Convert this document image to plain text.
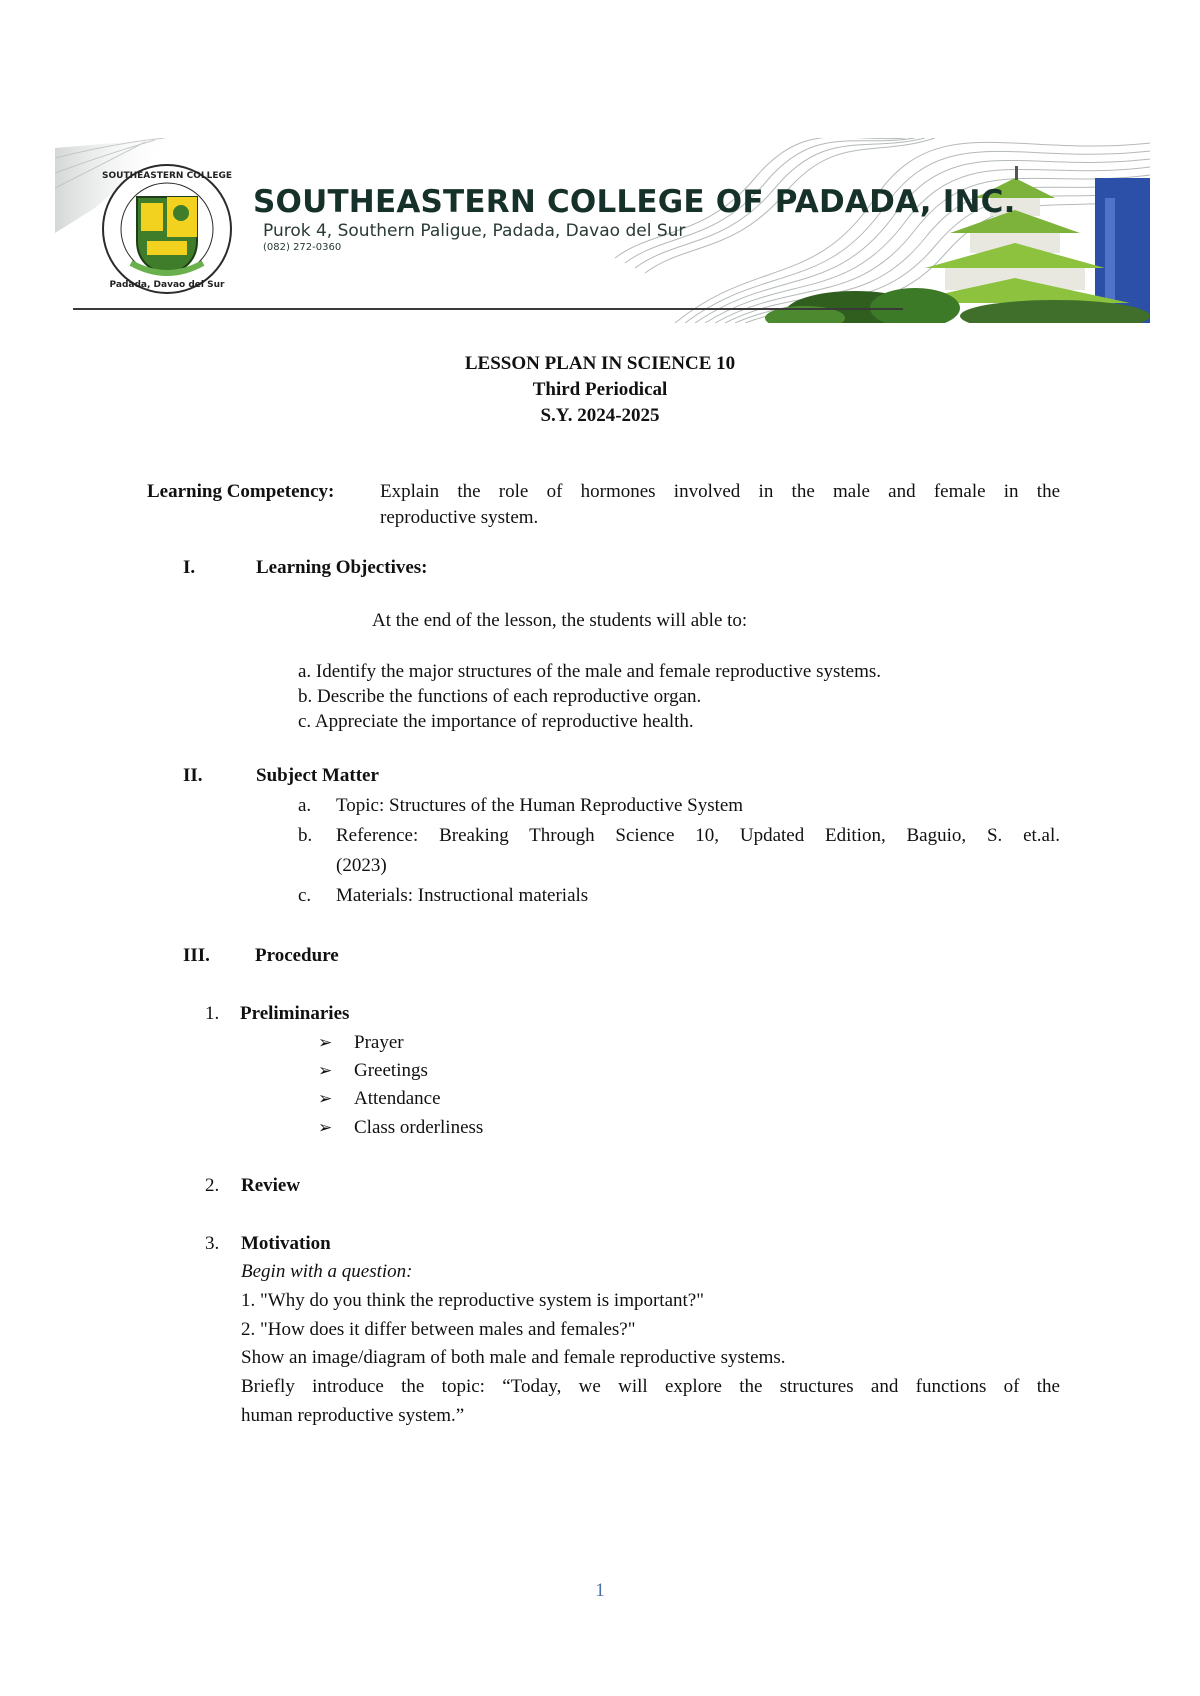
SOUTHEASTERN COLLEGE
Padada, Davao del Sur
SOUTHEASTERN COLLEGE OF PADADA, INC.
Purok 4, Southern Paligue, Padada, Davao del Sur
(082) 272-0360
LESSON PLAN IN SCIENCE 10
Third Periodical
S.Y. 2024-2025
Learning Competency: Explain the role of hormones involved in the male and female in the
reproductive system.
I.	Learning Objectives:
At the end of the lesson, the students will able to:
a. Identify the major structures of the male and female reproductive systems.
b. Describe the functions of each reproductive organ.
c. Appreciate the importance of reproductive health.
II.	Subject Matter
a. Topic: Structures of the Human Reproductive System
b. Reference: Breaking Through Science 10, Updated Edition, Baguio, S. et.al.
(2023)
c. Materials: Instructional materials
III. Procedure
1. Preliminaries
➢ Prayer
➢ Greetings
➢ Attendance
➢ Class orderliness
2. Review
3. Motivation
Begin with a question:
1. "Why do you think the reproductive system is important?"
2. "How does it differ between males and females?"
Show an image/diagram of both male and female reproductive systems.
Briefly introduce the topic: “Today, we will explore the structures and functions of the
human reproductive system.”
1
